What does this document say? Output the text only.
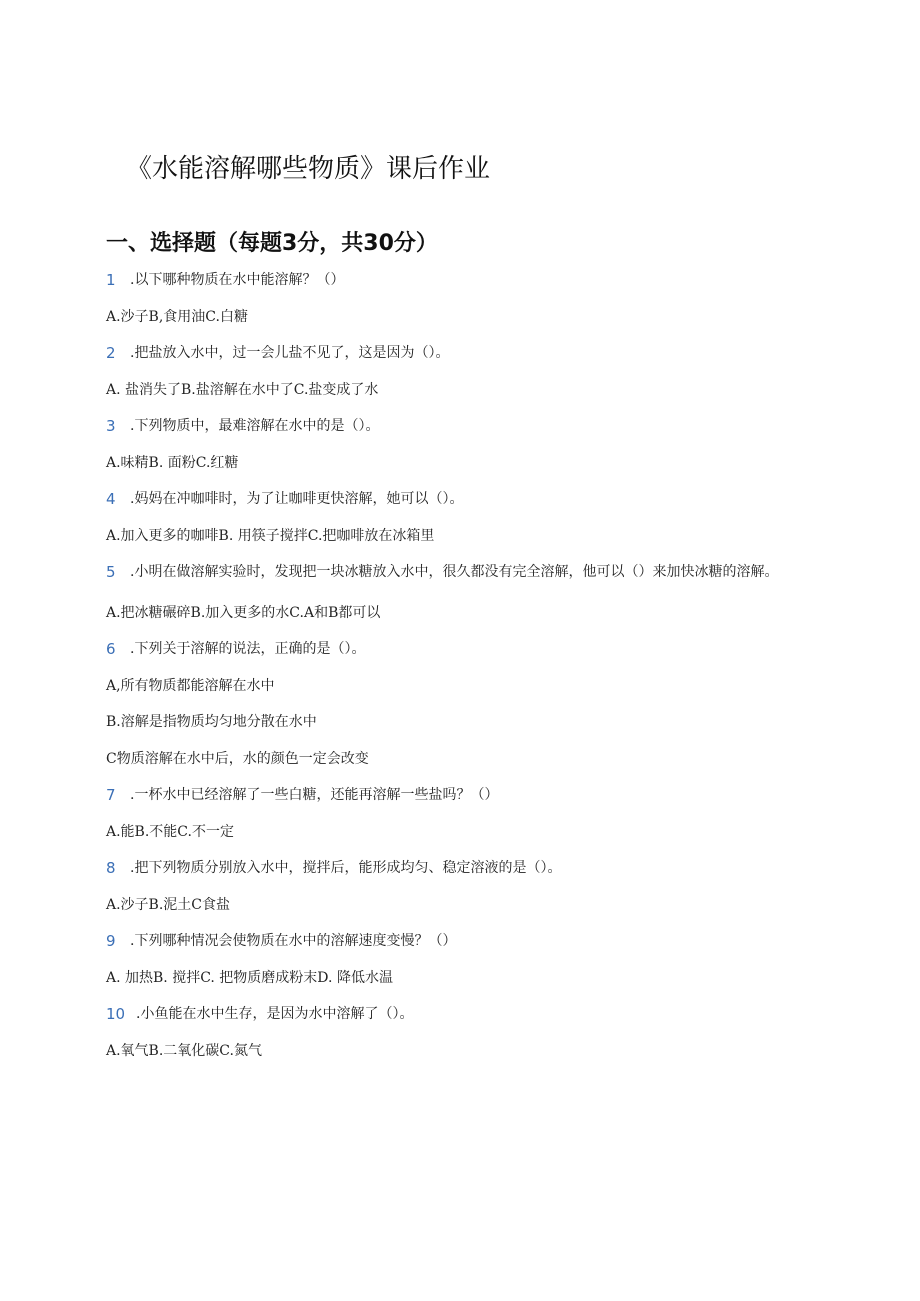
《水能溶解哪些物质》课后作业
一、选择题（每题3分，共30分）
1	.以下哪种物质在水中能溶解？（）
A.沙子B,食用油C.白糖
2	.把盐放入水中，过一会儿盐不见了，这是因为（）。
A. 盐消失了B.盐溶解在水中了C.盐变成了水
3	.下列物质中，最难溶解在水中的是（）。
A.味精B. 面粉C.红糖
4	.妈妈在冲咖啡时，为了让咖啡更快溶解，她可以（）。
A.加入更多的咖啡B. 用筷子搅拌C.把咖啡放在冰箱里
5	.小明在做溶解实验时，发现把一块冰糖放入水中，很久都没有完全溶解，他可以（）来加快冰糖的溶解。
A.把冰糖碾碎B.加入更多的水C.A和B都可以
6	.下列关于溶解的说法，正确的是（）。
A,所有物质都能溶解在水中
B.溶解是指物质均匀地分散在水中
C物质溶解在水中后，水的颜色一定会改变
7	.一杯水中已经溶解了一些白糖，还能再溶解一些盐吗？（）
A.能B.不能C.不一定
8	.把下列物质分别放入水中，搅拌后，能形成均匀、稳定溶液的是（）。
A.沙子B.泥土C食盐
9	.下列哪种情况会使物质在水中的溶解速度变慢？（）
A. 加热B. 搅拌C. 把物质磨成粉末D. 降低水温
10 .小鱼能在水中生存，是因为水中溶解了（）。
A.氧气B.二氧化碳C.氮气
